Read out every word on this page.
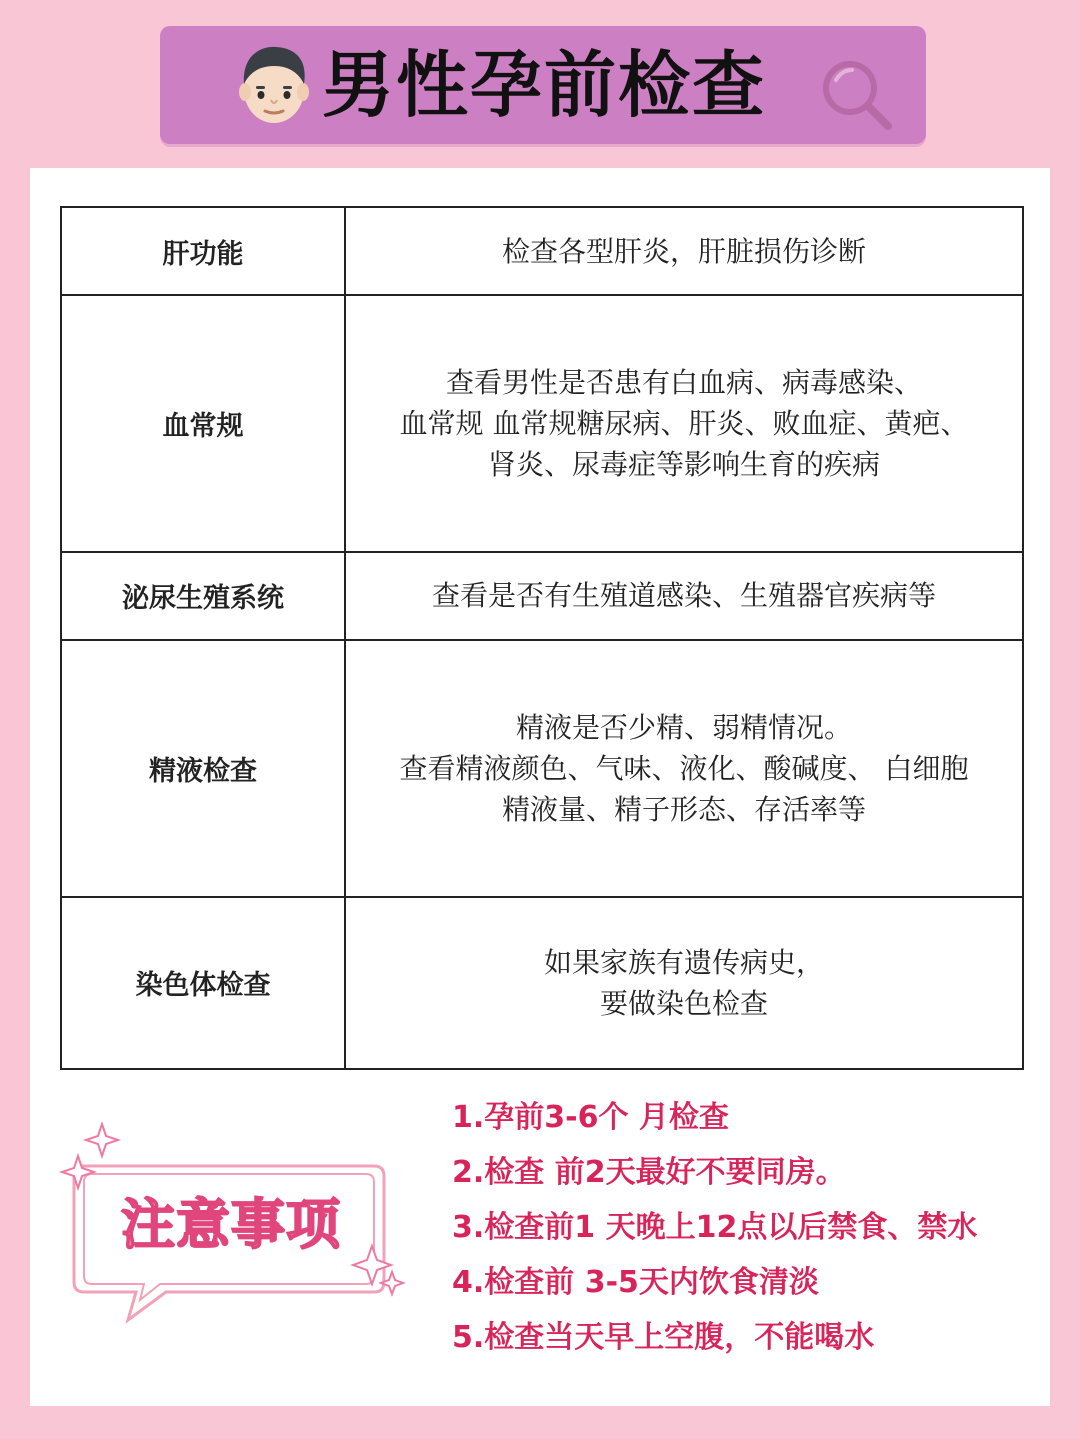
男性孕前检查
肝功能	检查各型肝炎，肝脏损伤诊断
血常规	查看男性是否患有白血病、病毒感染、
血常规 血常规糖尿病、肝炎、败血症、黄疤、
肾炎、尿毒症等影响生育的疾病
泌尿生殖系统	查看是否有生殖道感染、生殖器官疾病等
精液检查	精液是否少精、弱精情况。
查看精液颜色、气味、液化、酸碱度、 白细胞
精液量、精子形态、存活率等
染色体检查	如果家族有遗传病史，
要做染色检查
注意事项
1.孕前3-6个 月检查
2.检查 前2天最好不要同房。
3.检查前1 天晚上12点以后禁食、禁水
4.检查前 3-5天内饮食清淡
5.检查当天早上空腹，不能喝水
